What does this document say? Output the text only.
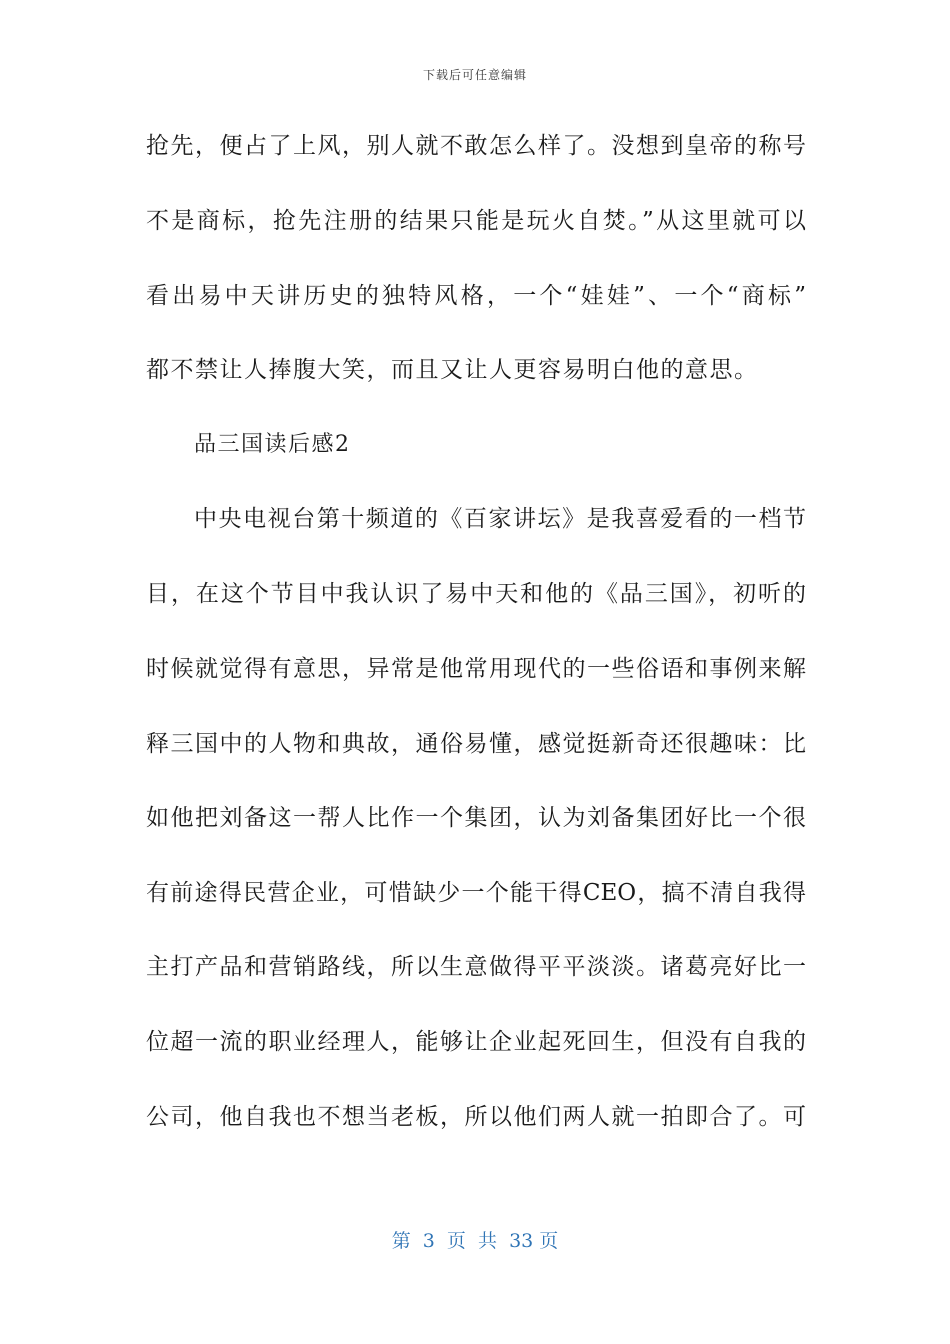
下载后可任意编辑
抢先，便占了上风，别人就不敢怎么样了。没想到皇帝的称号
不是商标，抢先注册的结果只能是玩火自焚。”从这里就可以
看出易中天讲历史的独特风格，一个“娃娃”、一个“商标”
都不禁让人捧腹大笑，而且又让人更容易明白他的意思。
品三国读后感2
中央电视台第十频道的《百家讲坛》是我喜爱看的一档节
目，在这个节目中我认识了易中天和他的《品三国》，初听的
时候就觉得有意思，异常是他常用现代的一些俗语和事例来解
释三国中的人物和典故，通俗易懂，感觉挺新奇还很趣味：比
如他把刘备这一帮人比作一个集团，认为刘备集团好比一个很
有前途得民营企业，可惜缺少一个能干得CEO，搞不清自我得
主打产品和营销路线，所以生意做得平平淡淡。诸葛亮好比一
位超一流的职业经理人，能够让企业起死回生，但没有自我的
公司，他自我也不想当老板，所以他们两人就一拍即合了。可
第  3  页  共  33 页
